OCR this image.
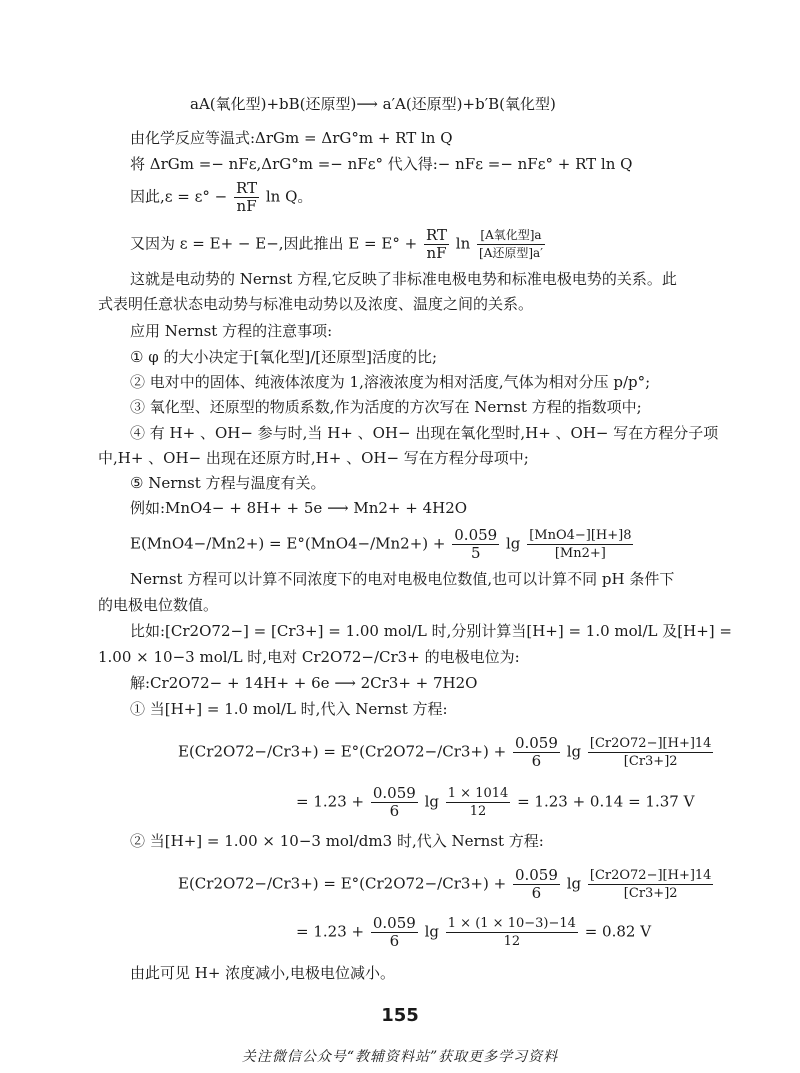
aA(氧化型)+bB(还原型)⟶ a′A(还原型)+b′B(氧化型)
由化学反应等温式:ΔrGm = ΔrG°m + RT ln Q
将 ΔrGm =− nFε,ΔrG°m =− nFε° 代入得:− nFε =− nFε° + RT ln Q
因此$,\varepsilon = \varepsilon^\circ - \frac{RT}{nF}$ ln Q。
又因为 ε = E+ − E−,因此推出 $E = E^\circ + \frac{RT}{nF}$ $\ln \frac{\text{[A氧化型]a}}{\text{[A还原型]a′}}$
这就是电动势的 Nernst 方程,它反映了非标准电极电势和标准电极电势的关系。此
式表明任意状态电动势与标准电动势以及浓度、温度之间的关系。
应用 Nernst 方程的注意事项:
① φ 的大小决定于[氧化型]/[还原型]活度的比;
② 电对中的固体、纯液体浓度为 1,溶液浓度为相对活度,气体为相对分压 p/p°;
③ 氧化型、还原型的物质系数,作为活度的方次写在 Nernst 方程的指数项中;
④ 有 H+ 、OH− 参与时,当 H+ 、OH− 出现在氧化型时,H+ 、OH− 写在方程分子项
中,H+ 、OH− 出现在还原方时,H+ 、OH− 写在方程分母项中;
⑤ Nernst 方程与温度有关。
例如:MnO4− + 8H+ + 5e ⟶ Mn2+ + 4H2O
$E(MnO4-/Mn2+) = E^\circ(MnO4-/Mn2+) + \frac{0.059}{5}$ $\lg \frac{\text{[MnO4−][H+]8}}{[Mn2+]}$
Nernst 方程可以计算不同浓度下的电对电极电位数值,也可以计算不同 pH 条件下
的电极电位数值。
比如:[Cr2O72−] = [Cr3+] = 1.00 mol/L 时,分别计算当[H+] = 1.0 mol/L 及[H+] =
1.00 × 10−3 mol/L 时,电对 Cr2O72−/Cr3+ 的电极电位为:
解:Cr2O72− + 14H+ + 6e ⟶ 2Cr3+ + 7H2O
① 当[H+] = 1.0 mol/L 时,代入 Nernst 方程:
$E(Cr2O72-/Cr3+) = E^\circ(Cr2O72-/Cr3+) + \frac{0.059}{6}$ $\lg \frac{[Cr2O72-][H+]14}{[Cr3+]2}$
= $1.23 + \frac{0.059}{6}$ $\lg \frac{1 \times 1014}{12} = 1.23 + 0.14 = 1.37$ V
② 当[H+] = 1.00 × 10−3 mol/dm3 时,代入 Nernst 方程:
$E(Cr2O72-/Cr3+) = E^\circ(Cr2O72-/Cr3+) + \frac{0.059}{6}$ $\lg \frac{[Cr2O72-][H+]14}{[Cr3+]2}$
= $1.23 + \frac{0.059}{6}$ $\lg \frac{1 \times (1 \times 10-3)-14}{12} = 0.82$ V
由此可见 H+ 浓度减小,电极电位减小。
155
关注微信公众号“教辅资料站”获取更多学习资料
